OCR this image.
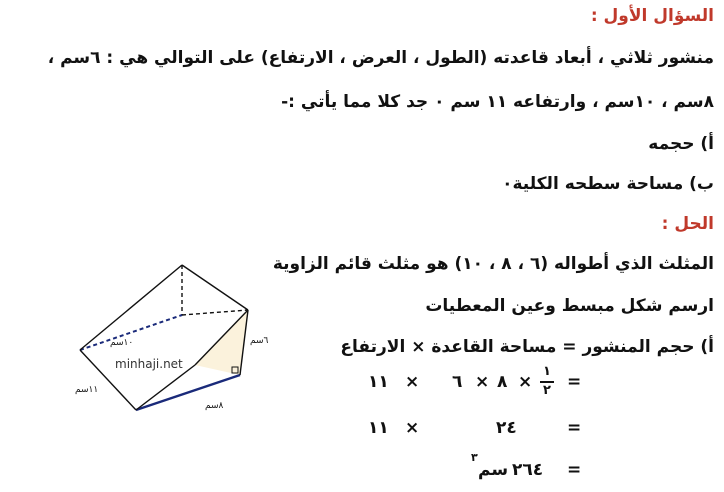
السؤال الأول :
منشور ثلاثي ، أبعاد قاعدته (الطول ، العرض ، الارتفاع) على التوالي هي : ٦سم ،
٨سم ، ١٠سم ، وارتفاعه ١١ سم ٠ جد كلا مما يأتي :-
أ) حجمه
ب) مساحة سطحه الكلية٠
الحل :
المثلث الذي أطواله (٦ ، ٨ ، ١٠) هو مثلث قائم الزاوية
ارسم شكل مبسط وعين المعطيات
أ) حجم المنشور = مساحة القاعدة × الارتفاع
=
١
٢
×
٨
×
٦
×
١١
=
٢٤
×
١١
=
٢٦٤
سم
٣
١٠سم	٦سم
٨سم
١١سم
minhaji.net
